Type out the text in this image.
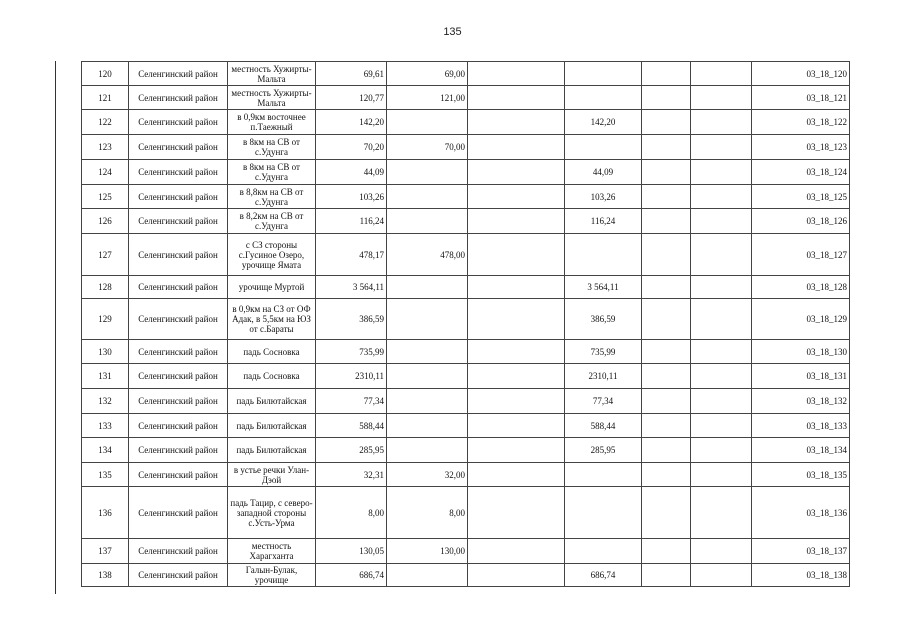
135
120	Селенгинский район	местность Хужирты-Мальта	69,61	69,00					03_18_120
121	Селенгинский район	местность Хужирты-Мальта	120,77	121,00					03_18_121
122	Селенгинский район	в 0,9км восточнее п.Таежный	142,20			142,20			03_18_122
123	Селенгинский район	в 8км на СВ от с.Удунга	70,20	70,00					03_18_123
124	Селенгинский район	в 8км на СВ от с.Удунга	44,09			44,09			03_18_124
125	Селенгинский район	в 8,8км на СВ от с.Удунга	103,26			103,26			03_18_125
126	Селенгинский район	в 8,2км на СВ от с.Удунга	116,24			116,24			03_18_126
127	Селенгинский район	с СЗ стороны с.Гусиное Озеро, урочище Ямата	478,17	478,00					03_18_127
128	Селенгинский район	урочище Муртой	3 564,11			3 564,11			03_18_128
129	Селенгинский район	в 0,9км на СЗ от ОФ Адак, в 5,5км на ЮЗ от с.Бараты	386,59			386,59			03_18_129
130	Селенгинский район	падь Сосновка	735,99			735,99			03_18_130
131	Селенгинский район	падь Сосновка	2310,11			2310,11			03_18_131
132	Селенгинский район	падь Билютайская	77,34			77,34			03_18_132
133	Селенгинский район	падь Билютайская	588,44			588,44			03_18_133
134	Селенгинский район	падь Билютайская	285,95			285,95			03_18_134
135	Селенгинский район	в устье речки Улан-Дэой	32,31	32,00					03_18_135
136	Селенгинский район	падь Тацир, с северо-западной стороны с.Усть-Урма	8,00	8,00					03_18_136
137	Селенгинский район	местность Харагханта	130,05	130,00					03_18_137
138	Селенгинский район	Галын-Булак, урочище	686,74			686,74			03_18_138
